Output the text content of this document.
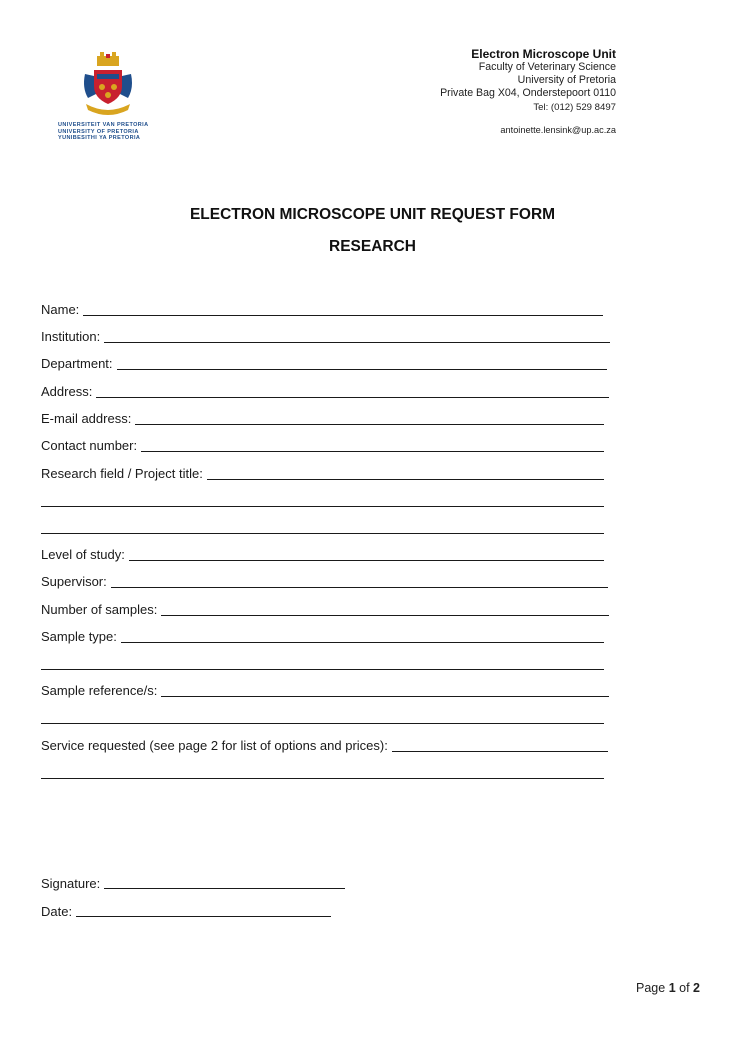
UNIVERSITEIT VAN PRETORIA
UNIVERSITY OF PRETORIA
YUNIBESITHI YA PRETORIA
Electron Microscope Unit
Faculty of Veterinary Science
University of Pretoria
Private Bag X04, Onderstepoort 0110
Tel: (012) 529 8497
antoinette.lensink@up.ac.za
ELECTRON MICROSCOPE UNIT REQUEST FORM
RESEARCH
Name:
Institution:
Department:
Address:
E-mail address:
Contact number:
Research field / Project title:
Level of study:
Supervisor:
Number of samples:
Sample type:
Sample reference/s:
Service requested (see page 2 for list of options and prices):
Signature:
Date:
Page 1 of 2
